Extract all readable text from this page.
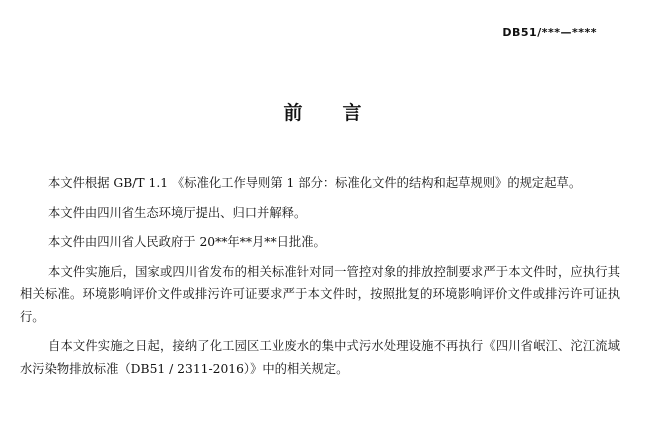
DB51/***—****
前言

本文件根据 GB/T 1.1 《标准化工作导则第 1 部分：标准化文件的结构和起草规则》的规定起草。

本文件由四川省生态环境厅提出、归口并解释。

本文件由四川省人民政府于 20**年**月**日批准。

本文件实施后，国家或四川省发布的相关标准针对同一管控对象的排放控制要求严于本文件时，应执行其相关标准。环境影响评价文件或排污许可证要求严于本文件时，按照批复的环境影响评价文件或排污许可证执行。

自本文件实施之日起，接纳了化工园区工业废水的集中式污水处理设施不再执行《四川省岷江、沱江流域水污染物排放标准（DB51 / 2311-2016）》中的相关规定。
